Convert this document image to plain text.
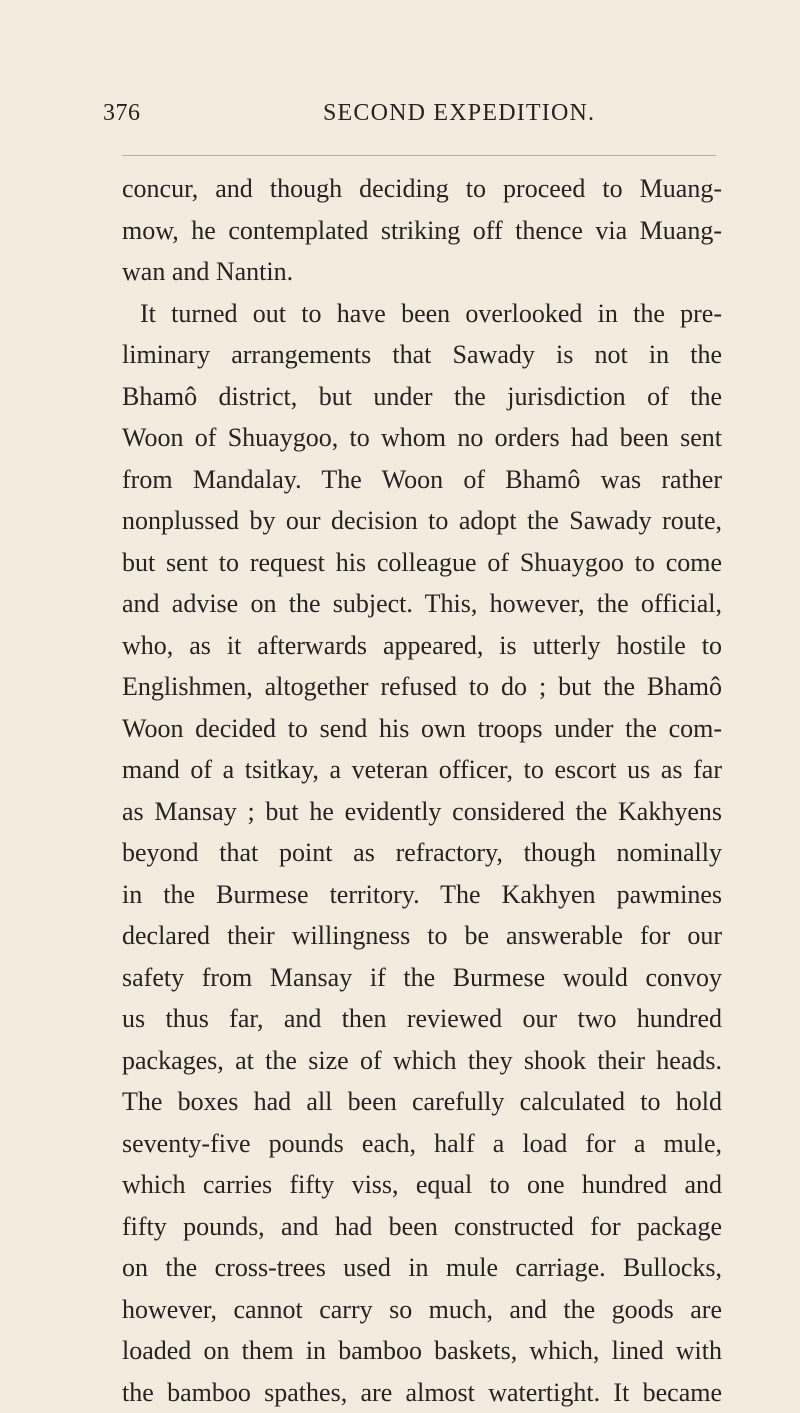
376	SECOND EXPEDITION.
concur, and though deciding to proceed to Muang-
mow, he contemplated striking off thence via Muang-
wan and Nantin.
It turned out to have been overlooked in the pre-
liminary arrangements that Sawady is not in the
Bhamô district, but under the jurisdiction of the
Woon of Shuaygoo, to whom no orders had been sent
from Mandalay. The Woon of Bhamô was rather
nonplussed by our decision to adopt the Sawady route,
but sent to request his colleague of Shuaygoo to come
and advise on the subject. This, however, the official,
who, as it afterwards appeared, is utterly hostile to
Englishmen, altogether refused to do ; but the Bhamô
Woon decided to send his own troops under the com-
mand of a tsitkay, a veteran officer, to escort us as far
as Mansay ; but he evidently considered the Kakhyens
beyond that point as refractory, though nominally
in the Burmese territory. The Kakhyen pawmines
declared their willingness to be answerable for our
safety from Mansay if the Burmese would convoy
us thus far, and then reviewed our two hundred
packages, at the size of which they shook their heads.
The boxes had all been carefully calculated to hold
seventy-five pounds each, half a load for a mule,
which carries fifty viss, equal to one hundred and
fifty pounds, and had been constructed for package
on the cross-trees used in mule carriage. Bullocks,
however, cannot carry so much, and the goods are
loaded on them in bamboo baskets, which, lined with
the bamboo spathes, are almost watertight. It became
